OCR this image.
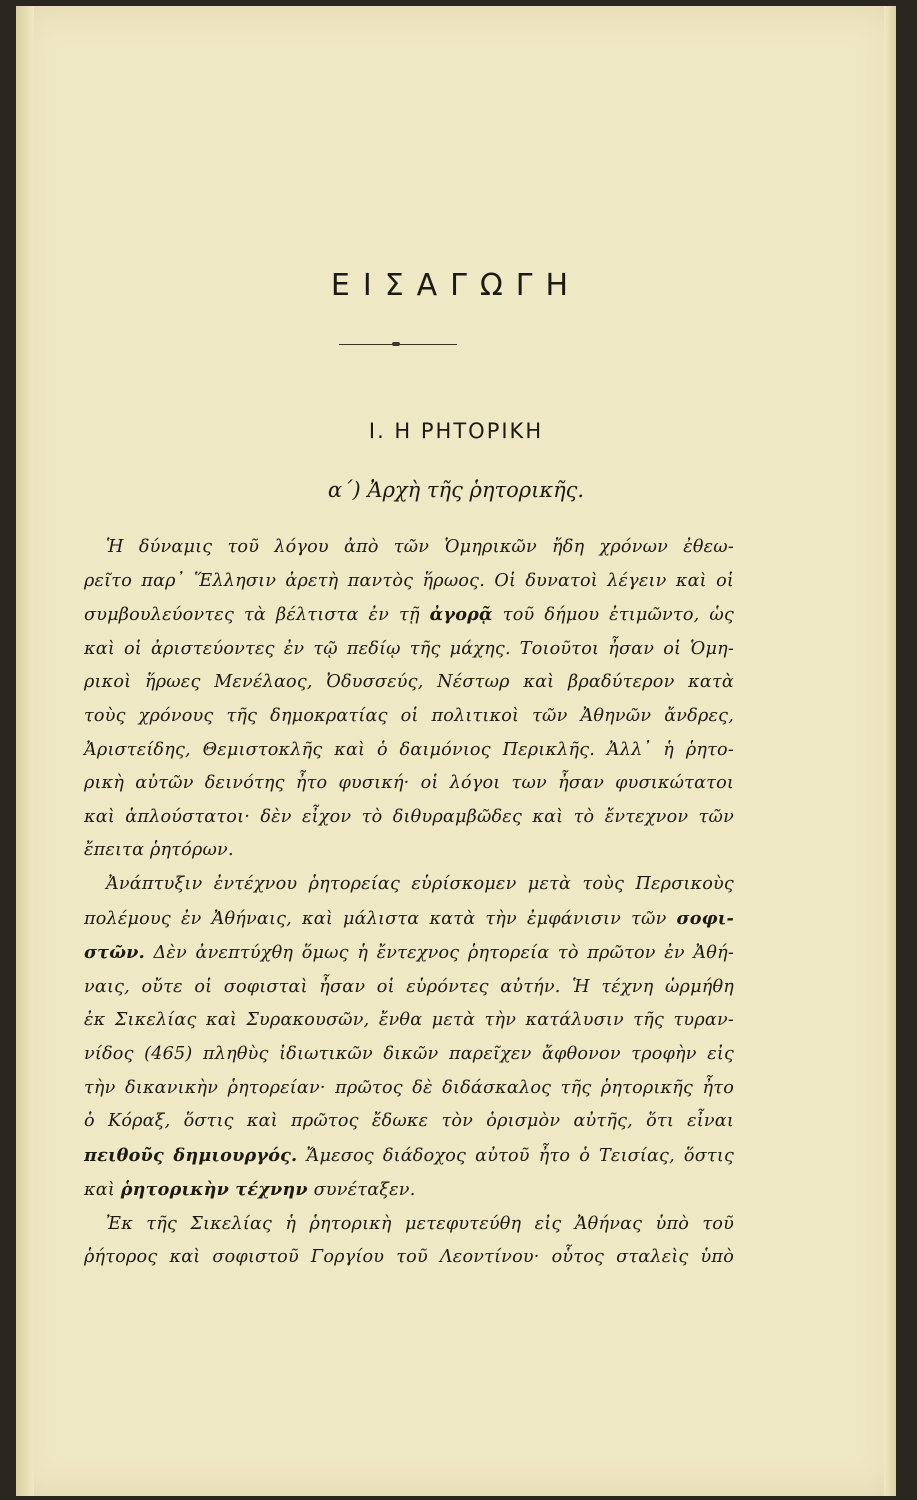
ΕΙΣΑΓΩΓΗ
Ι. Η ΡΗΤΟΡΙΚΗ
α΄) Ἀρχὴ τῆς ῥητορικῆς.
Ἡ δύναμις τοῦ λόγου ἀπὸ τῶν Ὁμηρικῶν ἤδη χρόνων ἐθεω-
ρεῖτο παρ᾽ Ἕλλησιν ἀρετὴ παντὸς ἥρωος. Οἱ δυνατοὶ λέγειν καὶ οἱ
συμβουλεύοντες τὰ βέλτιστα ἐν τῇ ἀγορᾷ τοῦ δήμου ἐτιμῶντο, ὡς
καὶ οἱ ἀριστεύοντες ἐν τῷ πεδίῳ τῆς μάχης. Τοιοῦτοι ἦσαν οἱ Ὁμη-
ρικοὶ ἥρωες Μενέλαος, Ὀδυσσεύς, Νέστωρ καὶ βραδύτερον κατὰ
τοὺς χρόνους τῆς δημοκρατίας οἱ πολιτικοὶ τῶν Ἀθηνῶν ἄνδρες,
Ἀριστείδης, Θεμιστοκλῆς καὶ ὁ δαιμόνιος Περικλῆς. Ἀλλ᾽ ἡ ῥητο-
ρικὴ αὐτῶν δεινότης ἦτο φυσική· οἱ λόγοι των ἦσαν φυσικώτατοι
καὶ ἁπλούστατοι· δὲν εἶχον τὸ διθυραμβῶδες καὶ τὸ ἔντεχνον τῶν
ἔπειτα ῥητόρων.
Ἀνάπτυξιν ἐντέχνου ῥητορείας εὑρίσκομεν μετὰ τοὺς Περσικοὺς
πολέμους ἐν Ἀθήναις, καὶ μάλιστα κατὰ τὴν ἐμφάνισιν τῶν σοφι-
στῶν. Δὲν ἀνεπτύχθη ὅμως ἡ ἔντεχνος ῥητορεία τὸ πρῶτον ἐν Ἀθή-
ναις, οὔτε οἱ σοφισταὶ ἦσαν οἱ εὑρόντες αὐτήν. Ἡ τέχνη ὡρμήθη
ἐκ Σικελίας καὶ Συρακουσῶν, ἔνθα μετὰ τὴν κατάλυσιν τῆς τυραν-
νίδος (465) πληθὺς ἰδιωτικῶν δικῶν παρεῖχεν ἄφθονον τροφὴν εἰς
τὴν δικανικὴν ῥητορείαν· πρῶτος δὲ διδάσκαλος τῆς ῥητορικῆς ἦτο
ὁ Κόραξ, ὅστις καὶ πρῶτος ἔδωκε τὸν ὁρισμὸν αὐτῆς, ὅτι εἶναι
πειθοῦς δημιουργός. Ἄμεσος διάδοχος αὐτοῦ ἦτο ὁ Τεισίας, ὅστις
καὶ ῥητορικὴν τέχνην συνέταξεν.
Ἐκ τῆς Σικελίας ἡ ῥητορικὴ μετεφυτεύθη εἰς Ἀθήνας ὑπὸ τοῦ
ῥήτορος καὶ σοφιστοῦ Γοργίου τοῦ Λεοντίνου· οὗτος σταλεὶς ὑπὸ
